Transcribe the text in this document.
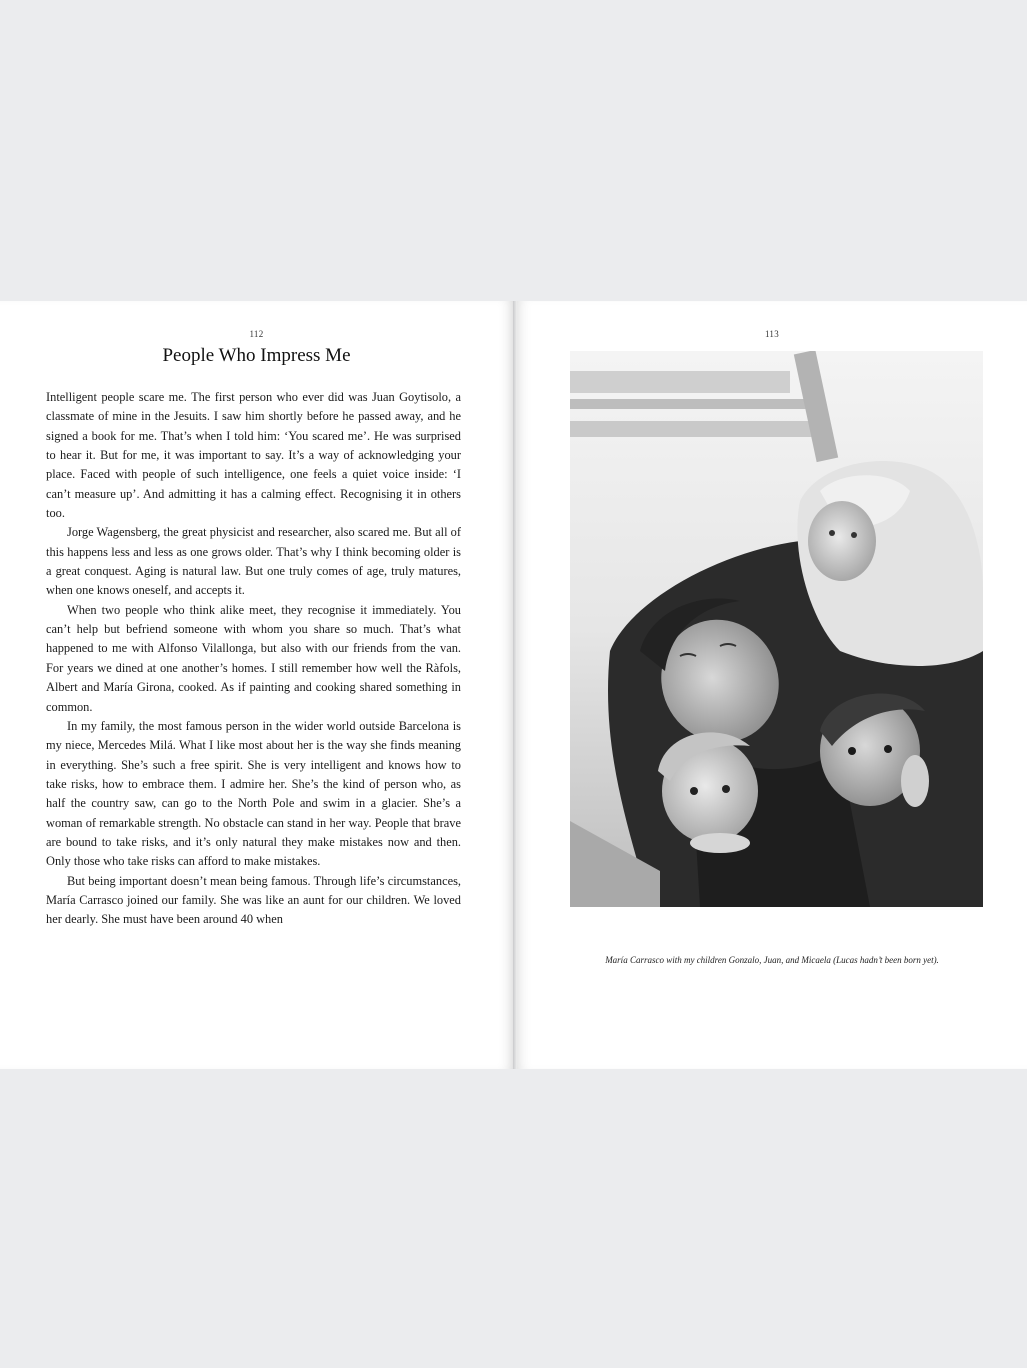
112
People Who Impress Me

Intelligent people scare me. The first person who ever did was Juan Goytisolo, a classmate of mine in the Jesuits. I saw him shortly before he passed away, and he signed a book for me. That’s when I told him: ‘You scared me’. He was surprised to hear it. But for me, it was important to say. It’s a way of acknowledging your place. Faced with people of such intelligence, one feels a quiet voice inside: ‘I can’t measure up’. And admitting it has a calming effect. Recognising it in others too.

Jorge Wagensberg, the great physicist and researcher, also scared me. But all of this happens less and less as one grows older. That’s why I think becoming older is a great conquest. Aging is natural law. But one truly comes of age, truly matures, when one knows oneself, and accepts it.

When two people who think alike meet, they recognise it immediately. You can’t help but befriend someone with whom you share so much. That’s what happened to me with Alfonso Vilallonga, but also with our friends from the van. For years we dined at one another’s homes. I still remember how well the Ràfols, Albert and María Girona, cooked. As if painting and cooking shared something in common.

In my family, the most famous person in the wider world outside Barcelona is my niece, Mercedes Milá. What I like most about her is the way she finds meaning in everything. She’s such a free spirit. She is very intelligent and knows how to take risks, how to embrace them. I admire her. She’s the kind of person who, as half the country saw, can go to the North Pole and swim in a glacier. She’s a woman of remarkable strength. No obstacle can stand in her way. People that brave are bound to take risks, and it’s only natural they make mistakes now and then. Only those who take risks can afford to make mistakes.

But being important doesn’t mean being famous. Through life’s circumstances, María Carrasco joined our family. She was like an aunt for our children. We loved her dearly. She must have been around 40 when

113
María Carrasco with my children Gonzalo, Juan, and Micaela (Lucas hadn’t been born yet).
